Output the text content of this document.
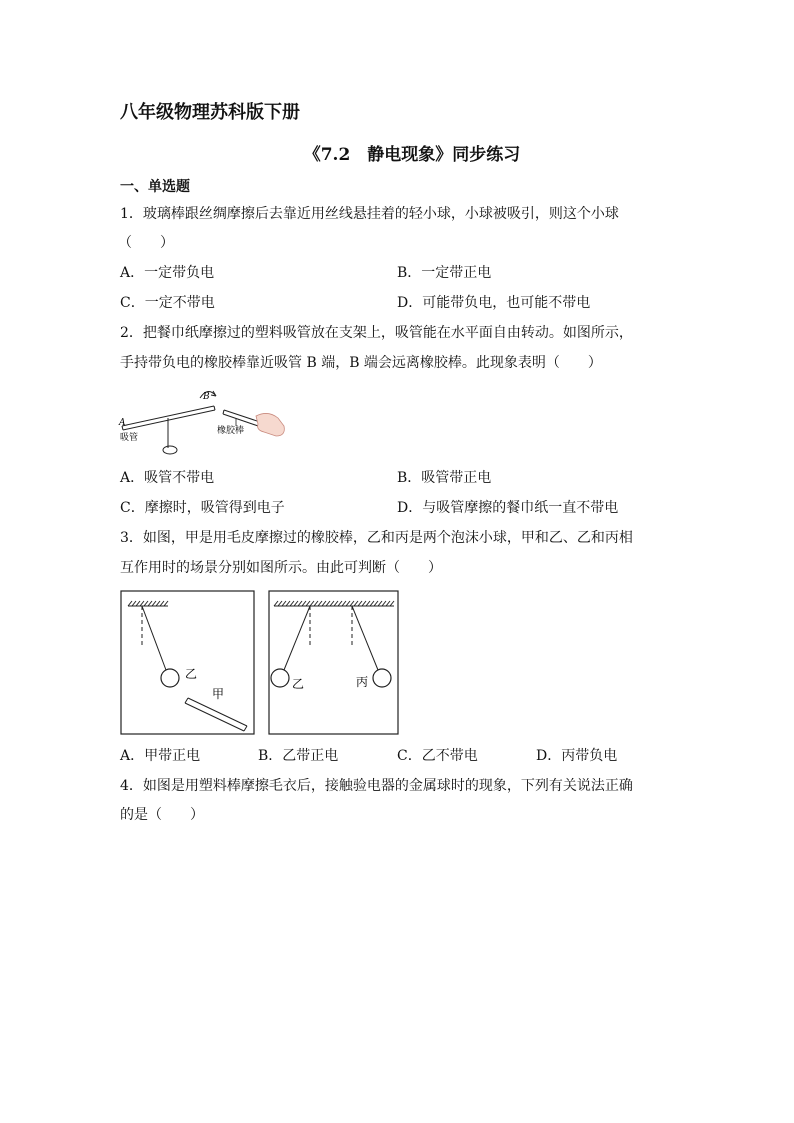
八年级物理苏科版下册
《7.2　静电现象》同步练习
一、单选题
1．玻璃棒跟丝绸摩擦后去靠近用丝线悬挂着的轻小球，小球被吸引，则这个小球
（　　）
A．一定带负电	B．一定带正电
C．一定不带电	D．可能带负电，也可能不带电
2．把餐巾纸摩擦过的塑料吸管放在支架上，吸管能在水平面自由转动。如图所示，
手持带负电的橡胶棒靠近吸管 B 端，B 端会远离橡胶棒。此现象表明（　　）
A
B
吸管
橡胶棒
A．吸管不带电	B．吸管带正电
C．摩擦时，吸管得到电子	D．与吸管摩擦的餐巾纸一直不带电
3．如图，甲是用毛皮摩擦过的橡胶棒，乙和丙是两个泡沫小球，甲和乙、乙和丙相
互作用时的场景分别如图所示。由此可判断（　　）
乙
甲
乙	丙
A．甲带正电	B．乙带正电	C．乙不带电	D．丙带负电
4．如图是用塑料棒摩擦毛衣后，接触验电器的金属球时的现象，下列有关说法正确
的是（　　）
